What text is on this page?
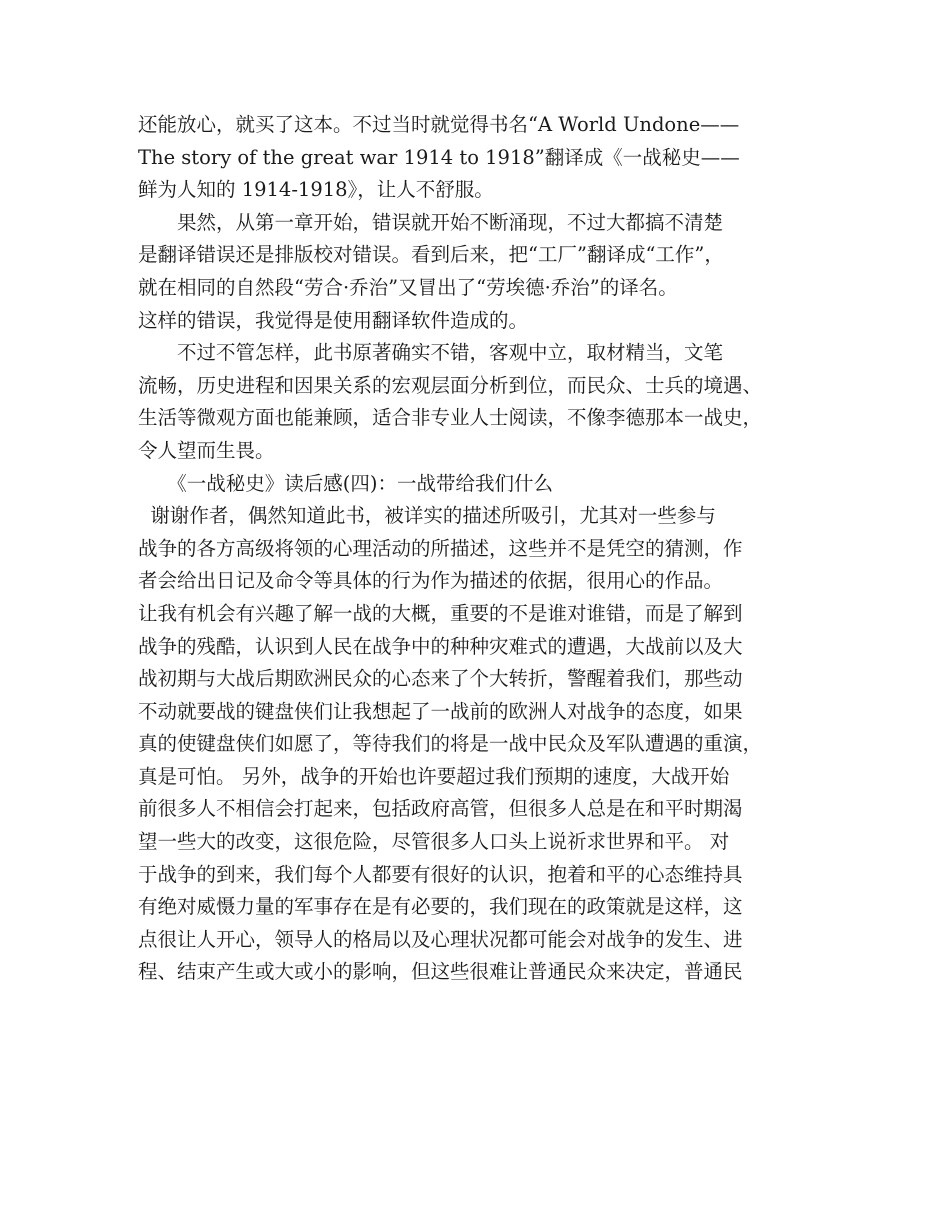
还能放心，就买了这本。不过当时就觉得书名“A World Undone——
The story of the great war 1914 to 1918”翻译成《一战秘史——
鲜为人知的 1914-1918》，让人不舒服。
　　果然，从第一章开始，错误就开始不断涌现，不过大都搞不清楚
是翻译错误还是排版校对错误。看到后来，把“工厂”翻译成“工作”，
就在相同的自然段“劳合·乔治”又冒出了“劳埃德·乔治”的译名。
这样的错误，我觉得是使用翻译软件造成的。
　　不过不管怎样，此书原著确实不错，客观中立，取材精当，文笔
流畅，历史进程和因果关系的宏观层面分析到位，而民众、士兵的境遇、
生活等微观方面也能兼顾，适合非专业人士阅读，不像李德那本一战史，
令人望而生畏。
　　《一战秘史》读后感(四)：一战带给我们什么
谢谢作者，偶然知道此书，被详实的描述所吸引，尤其对一些参与
战争的各方高级将领的心理活动的所描述，这些并不是凭空的猜测，作
者会给出日记及命令等具体的行为作为描述的依据，很用心的作品。
让我有机会有兴趣了解一战的大概，重要的不是谁对谁错，而是了解到
战争的残酷，认识到人民在战争中的种种灾难式的遭遇，大战前以及大
战初期与大战后期欧洲民众的心态来了个大转折，警醒着我们，那些动
不动就要战的键盘侠们让我想起了一战前的欧洲人对战争的态度，如果
真的使键盘侠们如愿了，等待我们的将是一战中民众及军队遭遇的重演，
真是可怕。 另外，战争的开始也许要超过我们预期的速度，大战开始
前很多人不相信会打起来，包括政府高管，但很多人总是在和平时期渴
望一些大的改变，这很危险，尽管很多人口头上说祈求世界和平。 对
于战争的到来，我们每个人都要有很好的认识，抱着和平的心态维持具
有绝对威慑力量的军事存在是有必要的，我们现在的政策就是这样，这
点很让人开心，领导人的格局以及心理状况都可能会对战争的发生、进
程、结束产生或大或小的影响，但这些很难让普通民众来决定，普通民
